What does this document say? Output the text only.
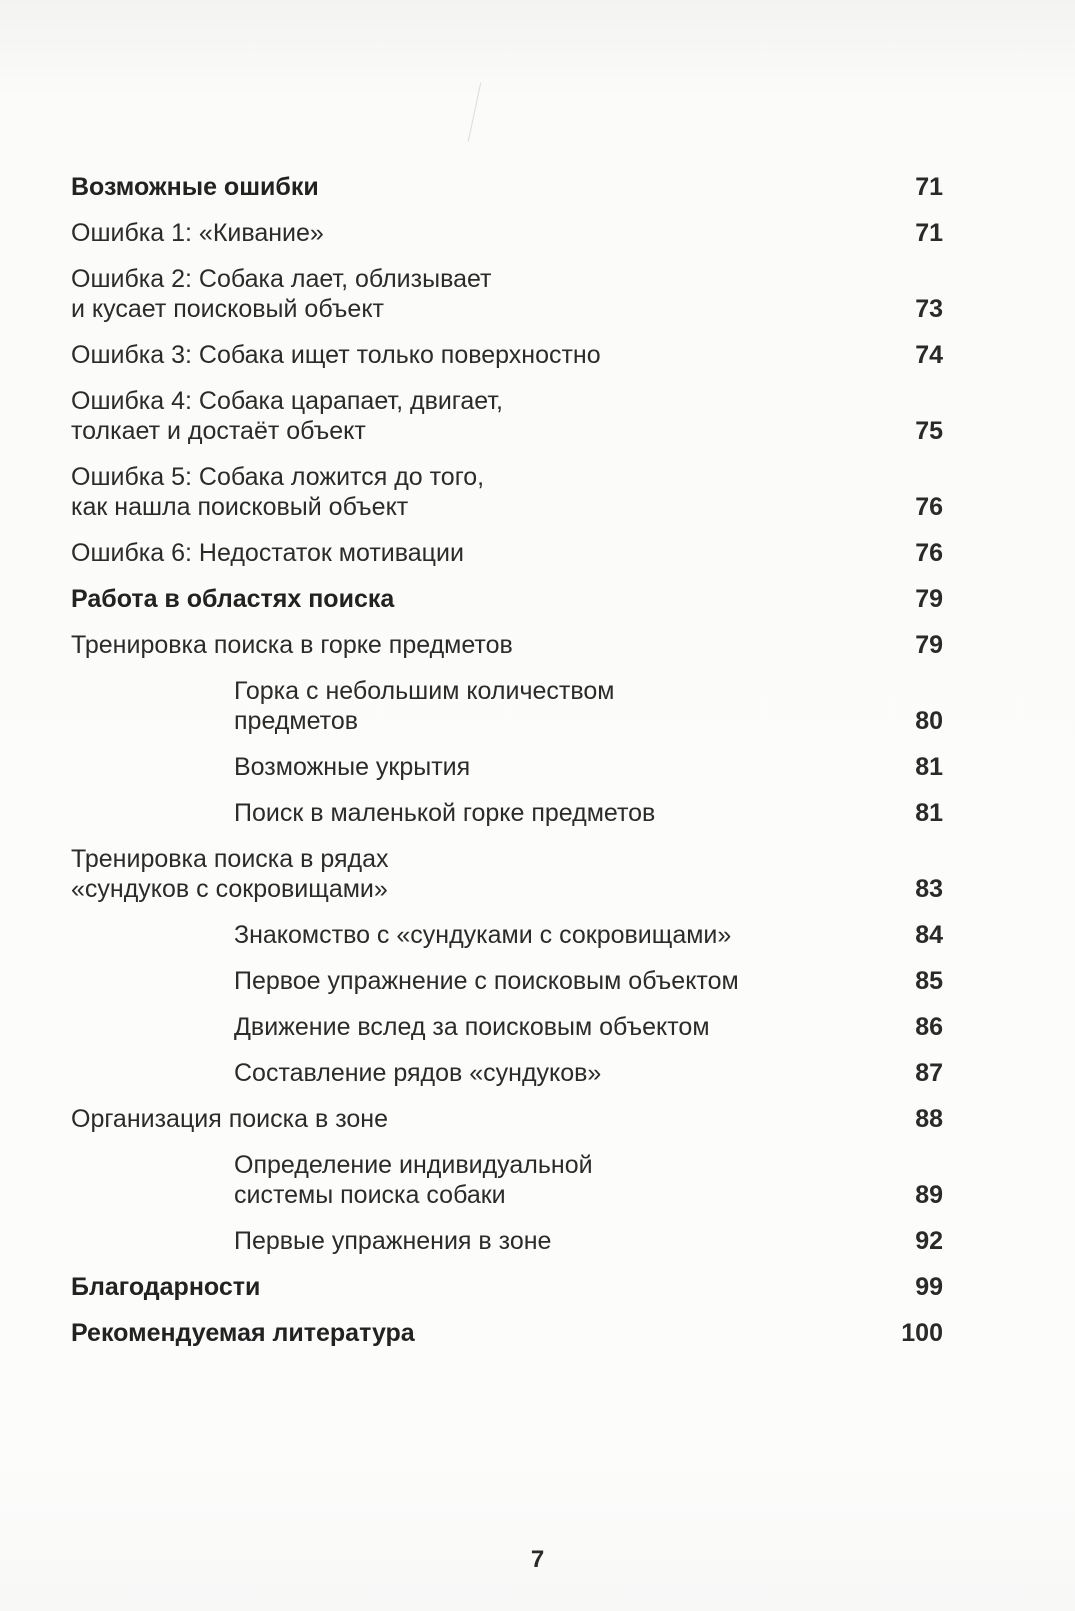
Возможные ошибки	71
Ошибка 1: «Кивание»	71
Ошибка 2: Собака лает, облизывает
и кусает поисковый объект	73
Ошибка 3: Собака ищет только поверхностно	74
Ошибка 4: Собака царапает, двигает,
толкает и достаёт объект	75
Ошибка 5: Собака ложится до того,
как нашла поисковый объект	76
Ошибка 6: Недостаток мотивации	76
Работа в областях поиска	79
Тренировка поиска в горке предметов	79
Горка с небольшим количеством
предметов	80
Возможные укрытия	81
Поиск в маленькой горке предметов	81
Тренировка поиска в рядах
«сундуков с сокровищами»	83
Знакомство с «сундуками с сокровищами»	84
Первое упражнение с поисковым объектом	85
Движение вслед за поисковым объектом	86
Составление рядов «сундуков»	87
Организация поиска в зоне	88
Определение индивидуальной
системы поиска собаки	89
Первые упражнения в зоне	92
Благодарности	99
Рекомендуемая литература	100
7
